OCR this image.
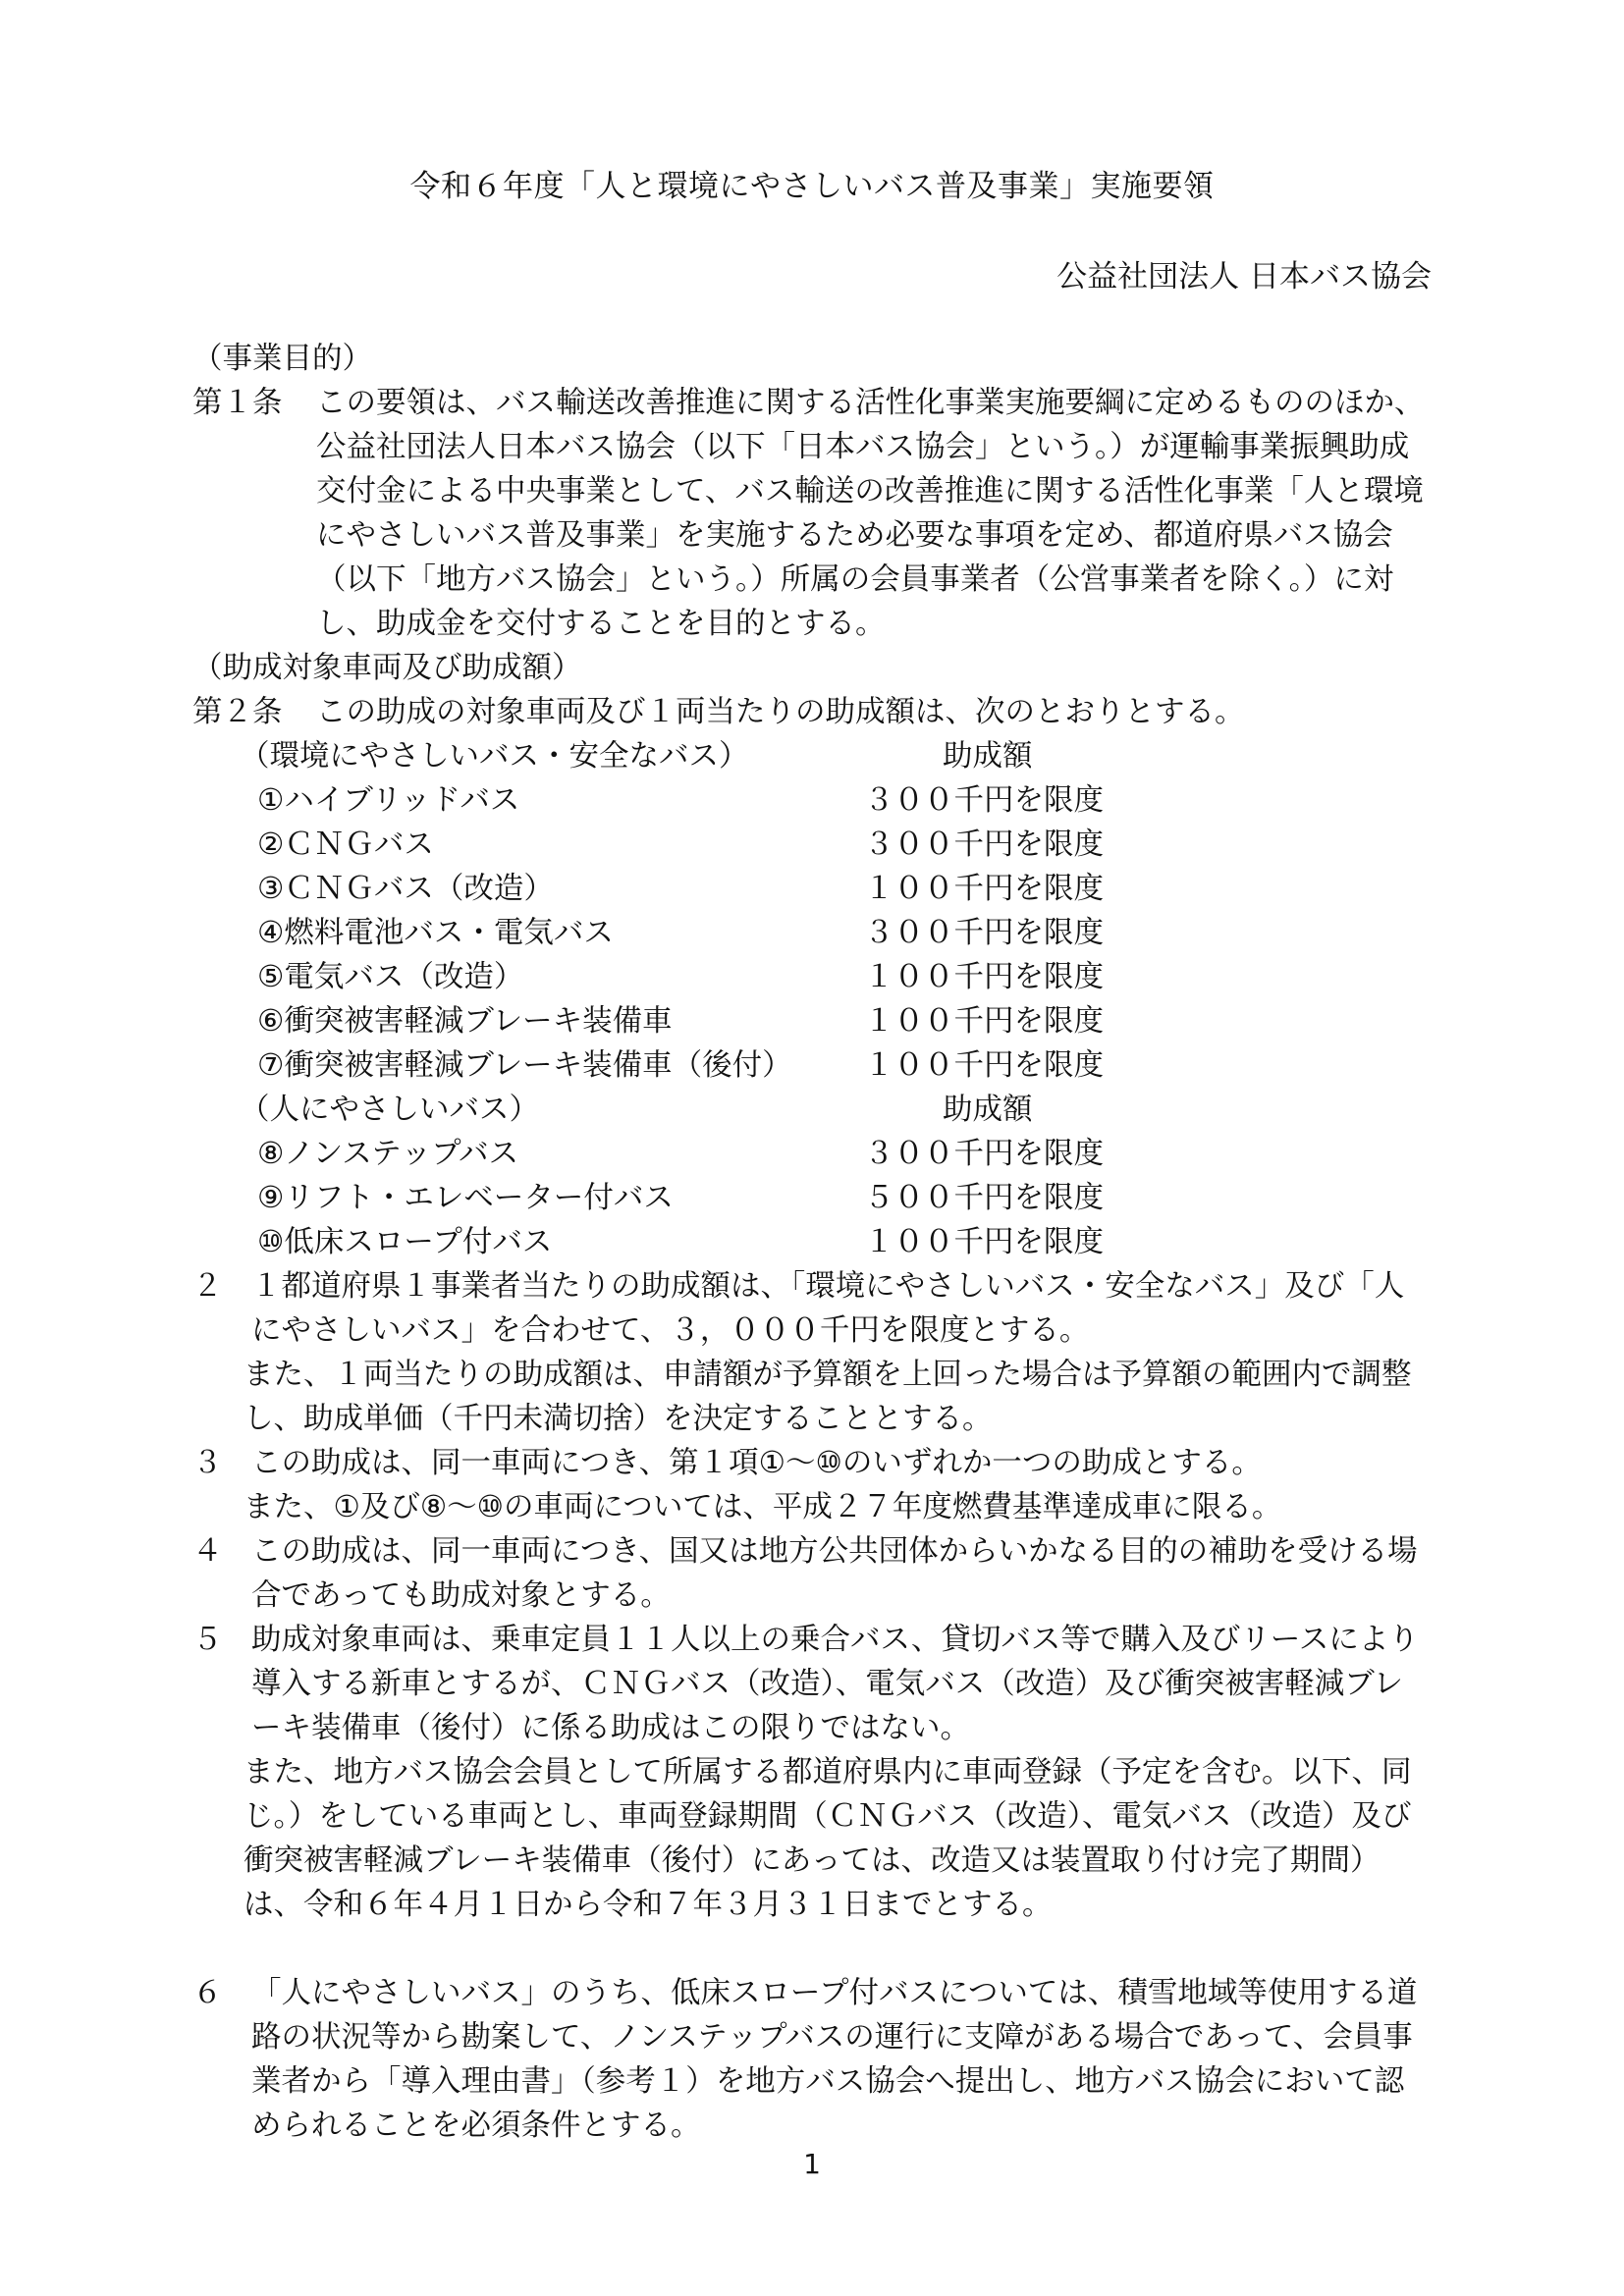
令和６年度「人と環境にやさしいバス普及事業」実施要領
公益社団法人 日本バス協会
（事業目的）
第１条	この要領は、バス輸送改善推進に関する活性化事業実施要綱に定めるもののほか、公益社団法人日本バス協会（以下「日本バス協会」という。）が運輸事業振興助成交付金による中央事業として、バス輸送の改善推進に関する活性化事業「人と環境にやさしいバス普及事業」を実施するため必要な事項を定め、都道府県バス協会（以下「地方バス協会」という。）所属の会員事業者（公営事業者を除く。）に対し、助成金を交付することを目的とする。
（助成対象車両及び助成額）
第２条	この助成の対象車両及び１両当たりの助成額は、次のとおりとする。
（環境にやさしいバス・安全なバス）	助成額
①ハイブリッドバス	３００千円を限度
②ＣＮＧバス	３００千円を限度
③ＣＮＧバス（改造）	１００千円を限度
④燃料電池バス・電気バス	３００千円を限度
⑤電気バス（改造）	１００千円を限度
⑥衝突被害軽減ブレーキ装備車	１００千円を限度
⑦衝突被害軽減ブレーキ装備車（後付）	１００千円を限度
（人にやさしいバス）	助成額
⑧ノンステップバス	３００千円を限度
⑨リフト・エレベーター付バス	５００千円を限度
⑩低床スロープ付バス	１００千円を限度
２ １都道府県１事業者当たりの助成額は、「環境にやさしいバス・安全なバス」及び「人にやさしいバス」を合わせて、３，０００千円を限度とする。
また、１両当たりの助成額は、申請額が予算額を上回った場合は予算額の範囲内で調整し、助成単価（千円未満切捨）を決定することとする。
３ この助成は、同一車両につき、第１項①～⑩のいずれか一つの助成とする。
また、①及び⑧～⑩の車両については、平成２７年度燃費基準達成車に限る。
４ この助成は、同一車両につき、国又は地方公共団体からいかなる目的の補助を受ける場合であっても助成対象とする。
５ 助成対象車両は、乗車定員１１人以上の乗合バス、貸切バス等で購入及びリースにより導入する新車とするが、ＣＮＧバス（改造）、電気バス（改造）及び衝突被害軽減ブレーキ装備車（後付）に係る助成はこの限りではない。
また、地方バス協会会員として所属する都道府県内に車両登録（予定を含む。以下、同じ。）をしている車両とし、車両登録期間（ＣＮＧバス（改造）、電気バス（改造）及び衝突被害軽減ブレーキ装備車（後付）にあっては、改造又は装置取り付け完了期間）は、令和６年４月１日から令和７年３月３１日までとする。
６ 「人にやさしいバス」のうち、低床スロープ付バスについては、積雪地域等使用する道路の状況等から勘案して、ノンステップバスの運行に支障がある場合であって、会員事業者から「導入理由書」（参考１）を地方バス協会へ提出し、地方バス協会において認められることを必須条件とする。
1
